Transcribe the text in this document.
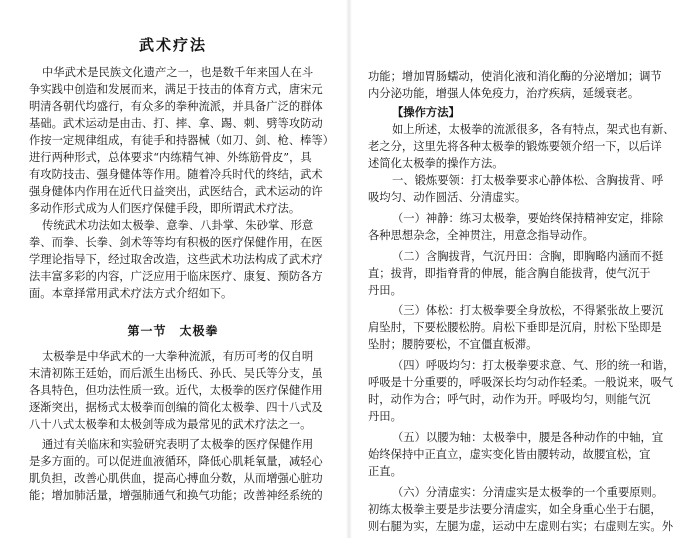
武术疗法
中华武术是民族文化遗产之一，也是数千年来国人在斗
争实践中创造和发展而来，满足于技击的体育方式，唐宋元
明清各朝代均盛行，有众多的拳种流派，并具备广泛的群体
基础。武术运动是由击、打、摔、拿、踢、刺、劈等攻防动
作按一定规律组成，有徒手和持器械（如刀、剑、枪、棒等）
进行两种形式，总体要求“内练精气神、外练筋骨皮”，具
有攻防技击、强身健体等作用。随着冷兵时代的终结，武术
强身健体内作用在近代日益突出，武医结合，武术运动的许
多动作形式成为人们医疗保健手段，即所谓武术疗法。
传统武术功法如太极拳、意拳、八卦掌、朱砂掌、形意
拳、而拳、长拳、剑术等等均有积极的医疗保健作用，在医
学理论指导下，经过取舍改造，这些武术功法构成了武术疗
法丰富多彩的内容，广泛应用于临床医疗、康复、预防各方
面。本章择常用武术疗法方式介绍如下。
第一节　太极拳
太极拳是中华武术的一大拳种流派，有历可考的仅自明
末清初陈王廷始，而后派生出杨氏、孙氏、吴氏等分支，虽
各具特色，但功法性质一致。近代，太极拳的医疗保健作用
逐渐突出，据杨式太极拳而创编的简化太极拳、四十八式及
八十八式太极拳和太极剑等成为最常见的武术疗法之一。
通过有关临床和实验研究表明了太极拳的医疗保健作用
是多方面的。可以促进血液循环，降低心肌耗氧量，减轻心
肌负担，改善心肌供血，提高心搏血分数，从而增强心脏功
能；增加肺活量，增强肺通气和换气功能；改善神经系统的
功能；增加胃肠蠕动，使消化液和消化酶的分泌增加；调节
内分泌功能，增强人体免疫力，治疗疾病，延缓衰老。
【操作方法】
如上所述，太极拳的流派很多，各有特点，架式也有新、
老之分，这里先将各种太极拳的锻炼要领介绍一下，以后详
述简化太极拳的操作方法。
一、锻炼要领：打太极拳要求心静体松、含胸拔背、呼
吸均匀、动作圆活、分清虚实。
（一）神静：练习太极拳，要始终保持精神安定，排除
各种思想杂念，全神贯注，用意念指导动作。
（二）含胸拔背，气沉丹田：含胸，即胸略内涵而不挺
直；拔背，即指脊背的伸展，能含胸自能拔背，使气沉于
丹田。
（三）体松：打太极拳要全身放松，不得紧张故上要沉
肩坠肘，下要松腰松胯。肩松下垂即是沉肩，肘松下坠即是
坠肘；腰胯要松，不宜僵直板滞。
（四）呼吸均匀：打太极拳要求意、气、形的统一和谐，
呼吸是十分重要的，呼吸深长均匀动作轻柔。一般说来，吸气
时，动作为合；呼气时，动作为开。呼吸均匀，则能气沉
丹田。
（五）以腰为轴：太极拳中，腰是各种动作的中轴，宜
始终保持中正直立，虚实变化皆由腰转动，故腰宜松，宜
正直。
（六）分清虚实：分清虚实是太极拳的一个重要原则。
初练太极拳主要是步法要分清虚实，如全身重心坐于右腿，
则右腿为实，左腿为虚，运动中左虚则右实；右虚则左实。外
